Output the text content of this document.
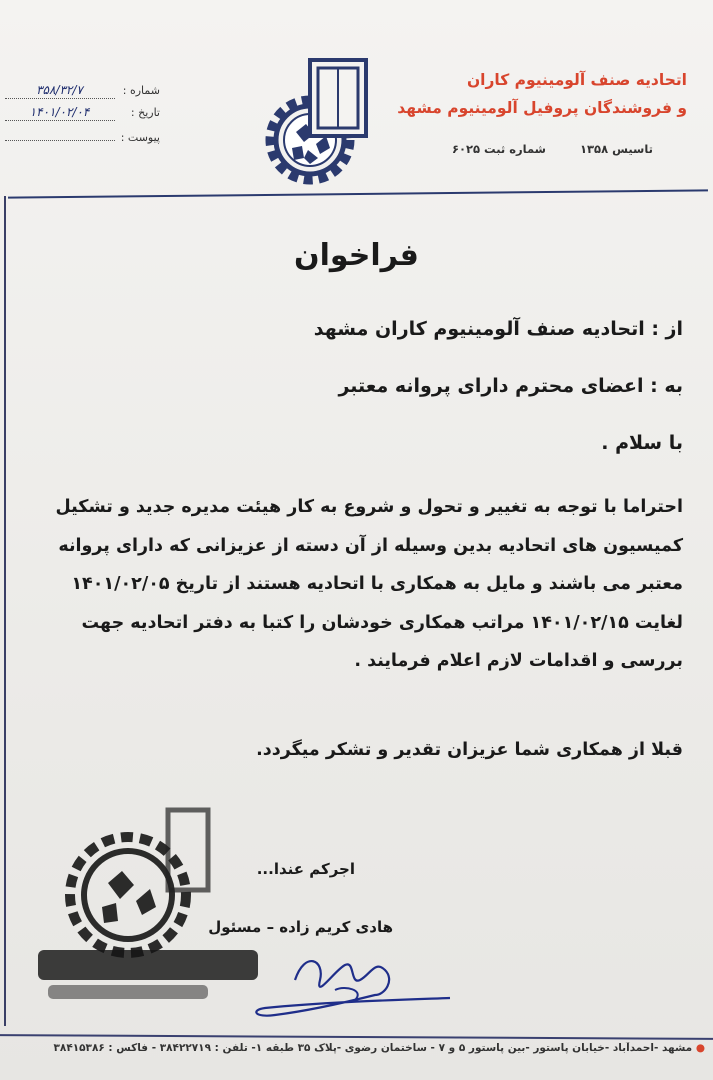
اتحادیه صنف آلومینیوم کاران
و فروشندگان پروفیل آلومینیوم مشهد
تاسیس ۱۳۵۸ شماره ثبت ۶۰۲۵
شماره : ۳۵۸/۳۲/۷
تاریخ : ۱۴۰۱/۰۲/۰۴
پیوست :
فراخوان
از : اتحادیه صنف آلومینیوم کاران مشهد
به : اعضای محترم دارای پروانه معتبر
با سلام .
احتراما با توجه به تغییر و تحول و شروع به کار هیئت مدیره جدید و تشکیل
کمیسیون های اتحادیه بدین وسیله از آن دسته از عزیزانی که دارای پروانه
معتبر می باشند و مایل به همکاری با اتحادیه هستند از تاریخ ۱۴۰۱/۰۲/۰۵
لغایت ۱۴۰۱/۰۲/۱۵ مراتب همکاری خودشان را کتبا به دفتر اتحادیه جهت
بررسی و اقدامات لازم اعلام فرمایند .
قبلا از همکاری شما عزیزان تقدیر و تشکر میگردد.
اجرکم عندا...
هادی کریم زاده – مسئول
● مشهد -احمدآباد -خیابان پاستور -بین پاستور ۵ و ۷ - ساختمان رضوی -پلاک ۳۵ طبقه ۱- تلفن : ۳۸۴۲۲۷۱۹ - فاکس : ۳۸۴۱۵۳۸۶
